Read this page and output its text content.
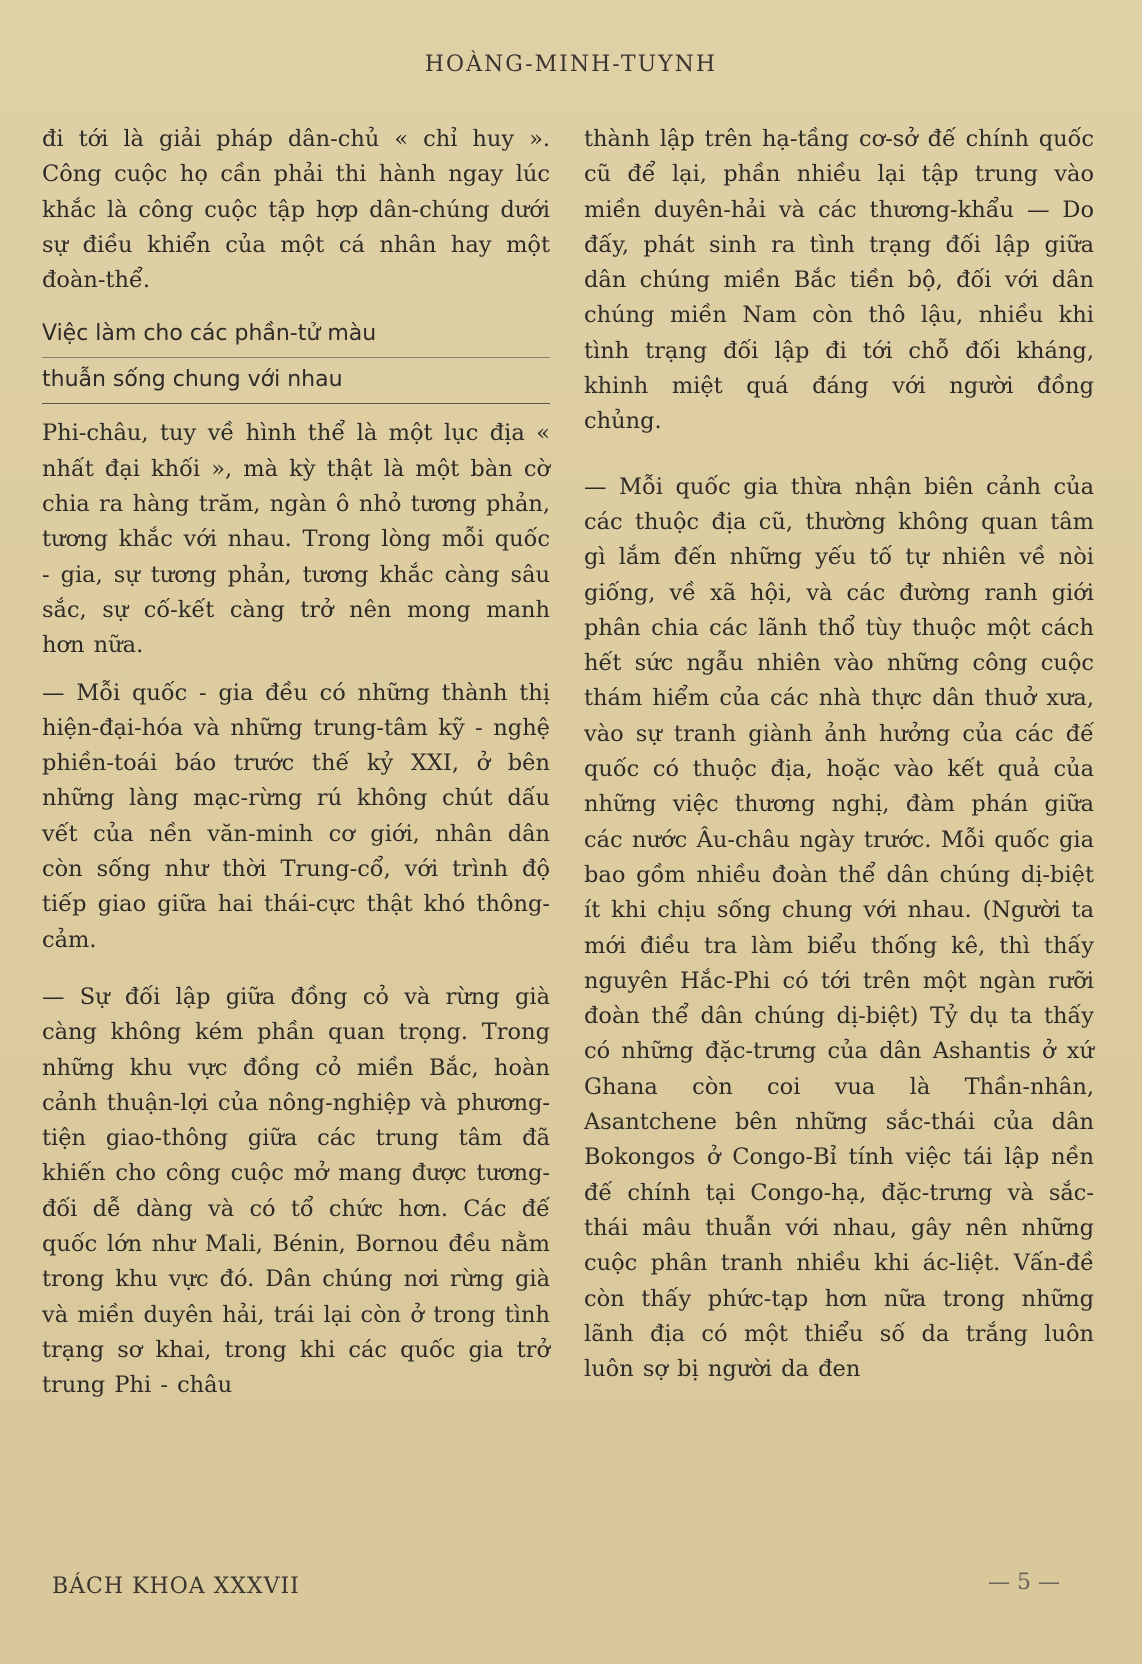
HOÀNG-MINH-TUYNH

đi tới là giải pháp dân-chủ « chỉ huy ». Công cuộc họ cần phải thi hành ngay lúc khắc là công cuộc tập hợp dân-chúng dưới sự điều khiển của một cá nhân hay một đoàn-thể.

Việc làm cho các phần-tử màu
thuẫn sống chung với nhau

Phi-châu, tuy về hình thể là một lục địa « nhất đại khối », mà kỳ thật là một bàn cờ chia ra hàng trăm, ngàn ô nhỏ tương phản, tương khắc với nhau. Trong lòng mỗi quốc - gia, sự tương phản, tương khắc càng sâu sắc, sự cố-kết càng trở nên mong manh hơn nữa.

— Mỗi quốc - gia đều có những thành thị hiện-đại-hóa và những trung-tâm kỹ - nghệ phiền-toái báo trước thế kỷ XXI, ở bên những làng mạc-rừng rú không chút dấu vết của nền văn-minh cơ giới, nhân dân còn sống như thời Trung-cổ, với trình độ tiếp giao giữa hai thái-cực thật khó thông-cảm.

— Sự đối lập giữa đồng cỏ và rừng già càng không kém phần quan trọng. Trong những khu vực đồng cỏ miền Bắc, hoàn cảnh thuận-lợi của nông-nghiệp và phương-tiện giao-thông giữa các trung tâm đã khiến cho công cuộc mở mang được tương-đối dễ dàng và có tổ chức hơn. Các đế quốc lớn như Mali, Bénin, Bornou đều nằm trong khu vực đó. Dân chúng nơi rừng già và miền duyên hải, trái lại còn ở trong tình trạng sơ khai, trong khi các quốc gia trở trung Phi - châu

thành lập trên hạ-tầng cơ-sở đế chính quốc cũ để lại, phần nhiều lại tập trung vào miền duyên-hải và các thương-khẩu — Do đấy, phát sinh ra tình trạng đối lập giữa dân chúng miền Bắc tiền bộ, đối với dân chúng miền Nam còn thô lậu, nhiều khi tình trạng đối lập đi tới chỗ đối kháng, khinh miệt quá đáng với người đồng chủng.

— Mỗi quốc gia thừa nhận biên cảnh của các thuộc địa cũ, thường không quan tâm gì lắm đến những yếu tố tự nhiên về nòi giống, về xã hội, và các đường ranh giới phân chia các lãnh thổ tùy thuộc một cách hết sức ngẫu nhiên vào những công cuộc thám hiểm của các nhà thực dân thuở xưa, vào sự tranh giành ảnh hưởng của các đế quốc có thuộc địa, hoặc vào kết quả của những việc thương nghị, đàm phán giữa các nước Âu-châu ngày trước. Mỗi quốc gia bao gồm nhiều đoàn thể dân chúng dị-biệt ít khi chịu sống chung với nhau. (Người ta mới điều tra làm biểu thống kê, thì thấy nguyên Hắc-Phi có tới trên một ngàn rưỡi đoàn thể dân chúng dị-biệt) Tỷ dụ ta thấy có những đặc-trưng của dân Ashantis ở xứ Ghana còn coi vua là Thần-nhân, Asantchene bên những sắc-thái của dân Bokongos ở Congo-Bỉ tính việc tái lập nền đế chính tại Congo-hạ, đặc-trưng và sắc-thái mâu thuẫn với nhau, gây nên những cuộc phân tranh nhiều khi ác-liệt. Vấn-đề còn thấy phức-tạp hơn nữa trong những lãnh địa có một thiểu số da trắng luôn luôn sợ bị người da đen

BÁCH KHOA XXXVII	— 5 —
